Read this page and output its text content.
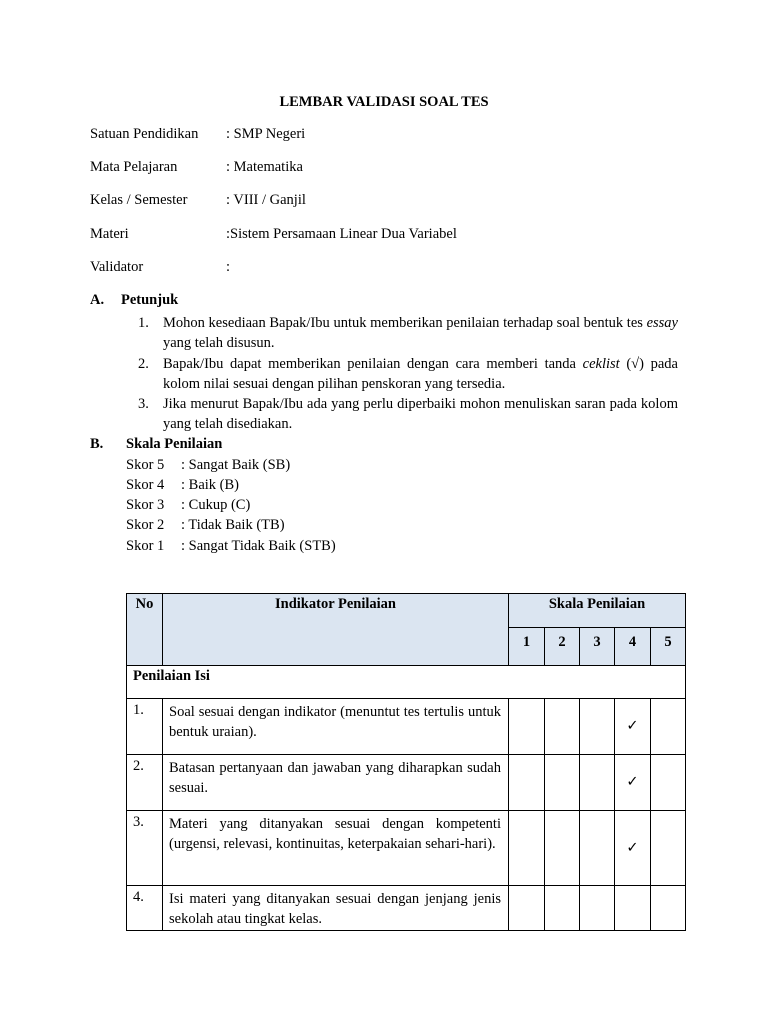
LEMBAR VALIDASI SOAL TES
Satuan Pendidikan : SMP Negeri
Mata Pelajaran	: Matematika
Kelas / Semester	: VIII / Ganjil
Materi	:Sistem Persamaan Linear Dua Variabel
Validator	:
A. Petunjuk
1. Mohon kesediaan Bapak/Ibu untuk memberikan penilaian terhadap soal bentuk tes essay yang telah disusun.
2. Bapak/Ibu dapat memberikan penilaian dengan cara memberi tanda ceklist (√) pada kolom nilai sesuai dengan pilihan penskoran yang tersedia.
3. Jika menurut Bapak/Ibu ada yang perlu diperbaiki mohon menuliskan saran pada kolom yang telah disediakan.
B. Skala Penilaian
Skor 5 : Sangat Baik (SB)
Skor 4 : Baik (B)
Skor 3 : Cukup (C)
Skor 2 : Tidak Baik (TB)
Skor 1 : Sangat Tidak Baik (STB)
No	Indikator Penilaian	Skala Penilaian				
		1	2	3	4	5
Penilaian Isi						
1.	Soal sesuai dengan indikator (menuntut tes tertulis untuk bentuk uraian).				✓	
2.	Batasan pertanyaan dan jawaban yang diharapkan sudah sesuai.				✓	
3.	Materi yang ditanyakan sesuai dengan kompetenti (urgensi, relevasi, kontinuitas, keterpakaian sehari-hari).				✓	
4.	Isi materi yang ditanyakan sesuai dengan jenjang jenis sekolah atau tingkat kelas.					
